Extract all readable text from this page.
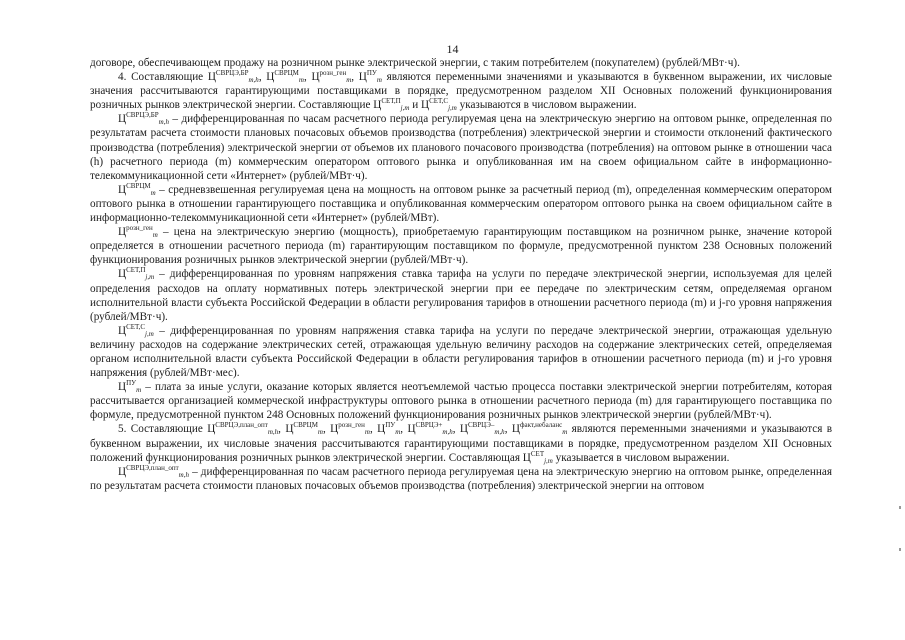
14

договоре, обеспечивающем продажу на розничном рынке электрической энергии, с таким потребителем (покупателем) (рублей/МВт·ч).

4. Составляющие $Ц^{СВРЦЭ,БР}_{m,h}$, $Ц^{СВРЦМ}_m$, $Ц^{розн\_ген}_m$, $Ц^{ПУ}_m$ являются переменными значениями и указываются в буквенном выражении, их числовые значения рассчитываются гарантирующими поставщиками в порядке, предусмотренном разделом XII Основных положений функционирования розничных рынков электрической энергии. Составляющие $Ц^{СЕТ,П}_{j,m}$ и $Ц^{СЕТ,С}_{j,m}$ указываются в числовом выражении.

$Ц^{СВРЦЭ,БР}_{m,h}$ – дифференцированная по часам расчетного периода регулируемая цена на электрическую энергию на оптовом рынке, определенная по результатам расчета стоимости плановых почасовых объемов производства (потребления) электрической энергии и стоимости отклонений фактического производства (потребления) электрической энергии от объемов их планового почасового производства (потребления) на оптовом рынке в отношении часа (h) расчетного периода (m) коммерческим оператором оптового рынка и опубликованная им на своем официальном сайте в информационно-телекоммуникационной сети «Интернет» (рублей/МВт·ч).

$Ц^{СВРЦМ}_m$ – средневзвешенная регулируемая цена на мощность на оптовом рынке за расчетный период (m), определенная коммерческим оператором оптового рынка в отношении гарантирующего поставщика и опубликованная коммерческим оператором оптового рынка на своем официальном сайте в информационно-телекоммуникационной сети «Интернет» (рублей/МВт).

$Ц^{розн\_ген}_m$ – цена на электрическую энергию (мощность), приобретаемую гарантирующим поставщиком на розничном рынке, значение которой определяется в отношении расчетного периода (m) гарантирующим поставщиком по формуле, предусмотренной пунктом 238 Основных положений функционирования розничных рынков электрической энергии (рублей/МВт·ч).

$Ц^{СЕТ,П}_{j,m}$ – дифференцированная по уровням напряжения ставка тарифа на услуги по передаче электрической энергии, используемая для целей определения расходов на оплату нормативных потерь электрической энергии при ее передаче по электрическим сетям, определяемая органом исполнительной власти субъекта Российской Федерации в области регулирования тарифов в отношении расчетного периода (m) и j-го уровня напряжения (рублей/МВт·ч).

$Ц^{СЕТ,С}_{j,m}$ – дифференцированная по уровням напряжения ставка тарифа на услуги по передаче электрической энергии, отражающая удельную величину расходов на содержание электрических сетей, отражающая удельную величину расходов на содержание электрических сетей, определяемая органом исполнительной власти субъекта Российской Федерации в области регулирования тарифов в отношении расчетного периода (m) и j-го уровня напряжения (рублей/МВт·мес).

$Ц^{ПУ}_m$ – плата за иные услуги, оказание которых является неотъемлемой частью процесса поставки электрической энергии потребителям, которая рассчитывается организацией коммерческой инфраструктуры оптового рынка в отношении расчетного периода (m) для гарантирующего поставщика по формуле, предусмотренной пунктом 248 Основных положений функционирования розничных рынков электрической энергии (рублей/МВт·ч).

5. Составляющие $Ц^{СВРЦЭ,план\_опт}_{m,h}$, $Ц^{СВРЦМ}_m$, $Ц^{розн\_ген}_m$, $Ц^{ПУ}_m$, $Ц^{СВРЦЭ+}_{m,h}$, $Ц^{СВРЦЭ-}_{m,h}$, $Ц^{факт,небаланс}_m$ являются переменными значениями и указываются в буквенном выражении, их числовые значения рассчитываются гарантирующими поставщиками в порядке, предусмотренном разделом XII Основных положений функционирования розничных рынков электрической энергии. Составляющая $Ц^{СЕТ}_{j,m}$ указывается в числовом выражении.

$Ц^{СВРЦЭ,план\_опт}_{m,h}$ – дифференцированная по часам расчетного периода регулируемая цена на электрическую энергию на оптовом рынке, определенная по результатам расчета стоимости плановых почасовых объемов производства (потребления) электрической энергии на оптовом
